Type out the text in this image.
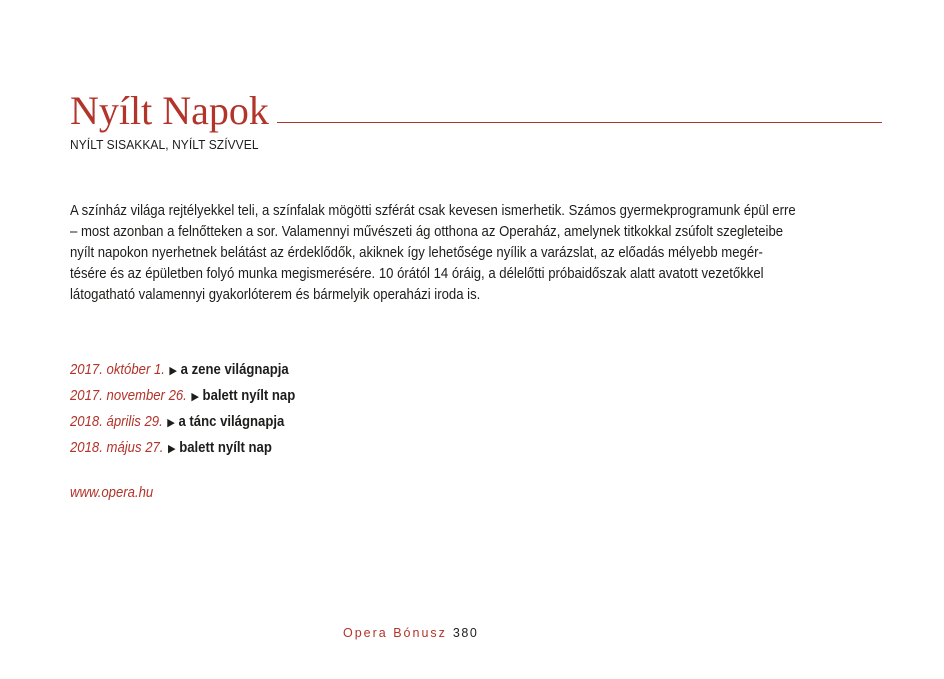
Nyílt Napok
NYÍLT SISAKKAL, NYÍLT SZÍVVEL

A színház világa rejtélyekkel teli, a színfalak mögötti szférát csak kevesen ismerhetik. Számos gyermekprogramunk épül erre

– most azonban a felnőtteken a sor. Valamennyi művészeti ág otthona az Operaház, amelynek titkokkal zsúfolt szegleteibe

nyílt napokon nyerhetnek belátást az érdeklődők, akiknek így lehetősége nyílik a varázslat, az előadás mélyebb megér-

tésére és az épületben folyó munka megismerésére. 10 órától 14 óráig, a délelőtti próbaidőszak alatt avatott vezetőkkel

látogatható valamennyi gyakorlóterem és bármelyik operaházi iroda is.

2017. október 1. ▶ a zene világnapja
2017. november 26. ▶ balett nyílt nap
2018. április 29. ▶ a tánc világnapja
2018. május 27. ▶ balett nyílt nap
www.opera.hu
Opera Bónusz 380
